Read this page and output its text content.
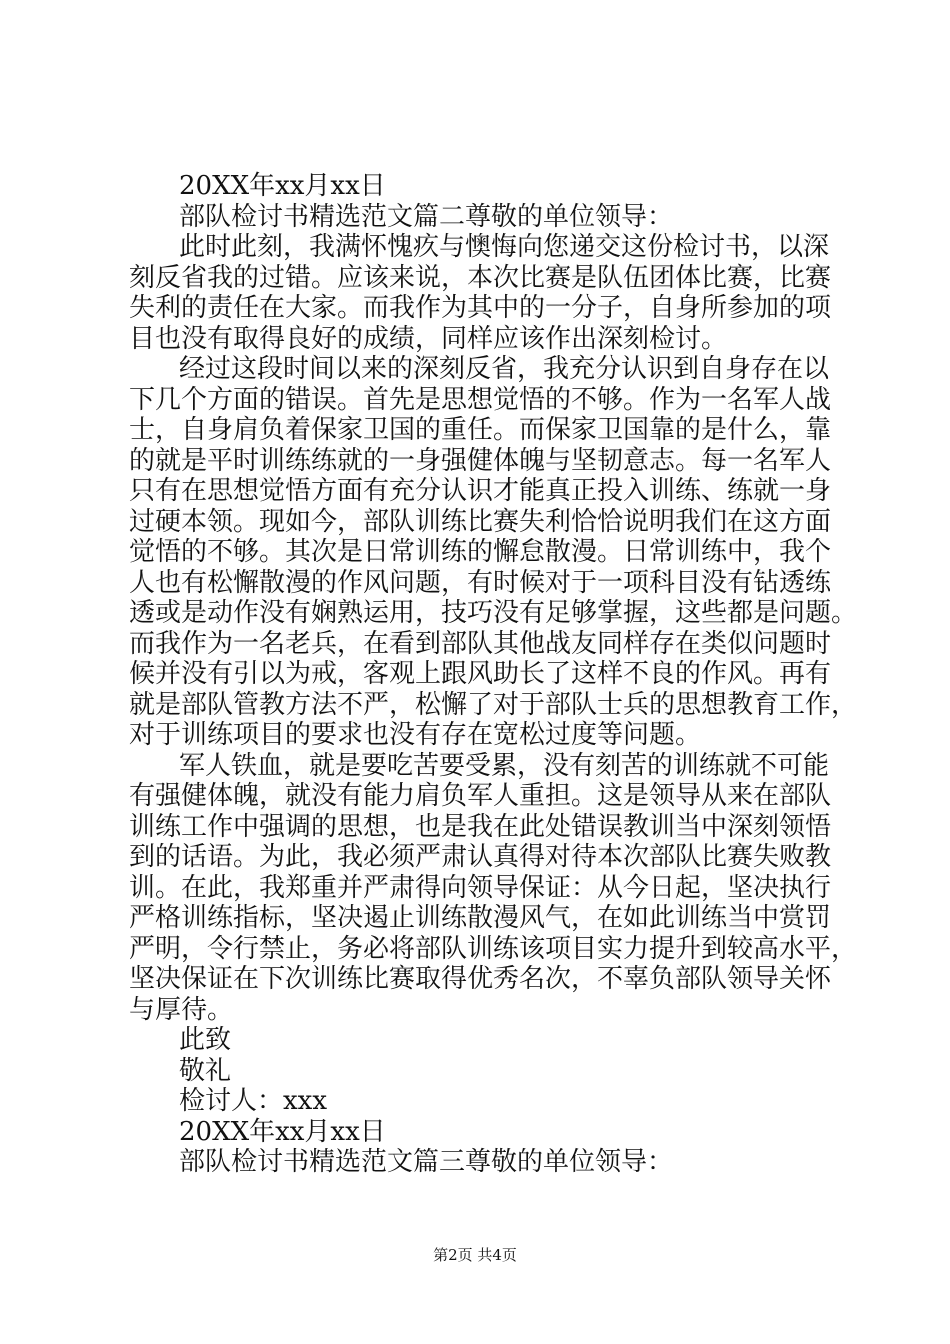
20XX年xx月xx日
部队检讨书精选范文篇二尊敬的单位领导：
此时此刻，我满怀愧疚与懊悔向您递交这份检讨书，以深
刻反省我的过错。应该来说，本次比赛是队伍团体比赛，比赛
失利的责任在大家。而我作为其中的一分子，自身所参加的项
目也没有取得良好的成绩，同样应该作出深刻检讨。
经过这段时间以来的深刻反省，我充分认识到自身存在以
下几个方面的错误。首先是思想觉悟的不够。作为一名军人战
士，自身肩负着保家卫国的重任。而保家卫国靠的是什么，靠
的就是平时训练练就的一身强健体魄与坚韧意志。每一名军人
只有在思想觉悟方面有充分认识才能真正投入训练、练就一身
过硬本领。现如今，部队训练比赛失利恰恰说明我们在这方面
觉悟的不够。其次是日常训练的懈怠散漫。日常训练中，我个
人也有松懈散漫的作风问题，有时候对于一项科目没有钻透练
透或是动作没有娴熟运用，技巧没有足够掌握，这些都是问题。
而我作为一名老兵，在看到部队其他战友同样存在类似问题时
候并没有引以为戒，客观上跟风助长了这样不良的作风。再有
就是部队管教方法不严，松懈了对于部队士兵的思想教育工作，
对于训练项目的要求也没有存在宽松过度等问题。
军人铁血，就是要吃苦要受累，没有刻苦的训练就不可能
有强健体魄，就没有能力肩负军人重担。这是领导从来在部队
训练工作中强调的思想，也是我在此处错误教训当中深刻领悟
到的话语。为此，我必须严肃认真得对待本次部队比赛失败教
训。在此，我郑重并严肃得向领导保证：从今日起，坚决执行
严格训练指标，坚决遏止训练散漫风气，在如此训练当中赏罚
严明，令行禁止，务必将部队训练该项目实力提升到较高水平，
坚决保证在下次训练比赛取得优秀名次，不辜负部队领导关怀
与厚待。
此致
敬礼
检讨人：xxx
20XX年xx月xx日
部队检讨书精选范文篇三尊敬的单位领导：
第2页 共4页
